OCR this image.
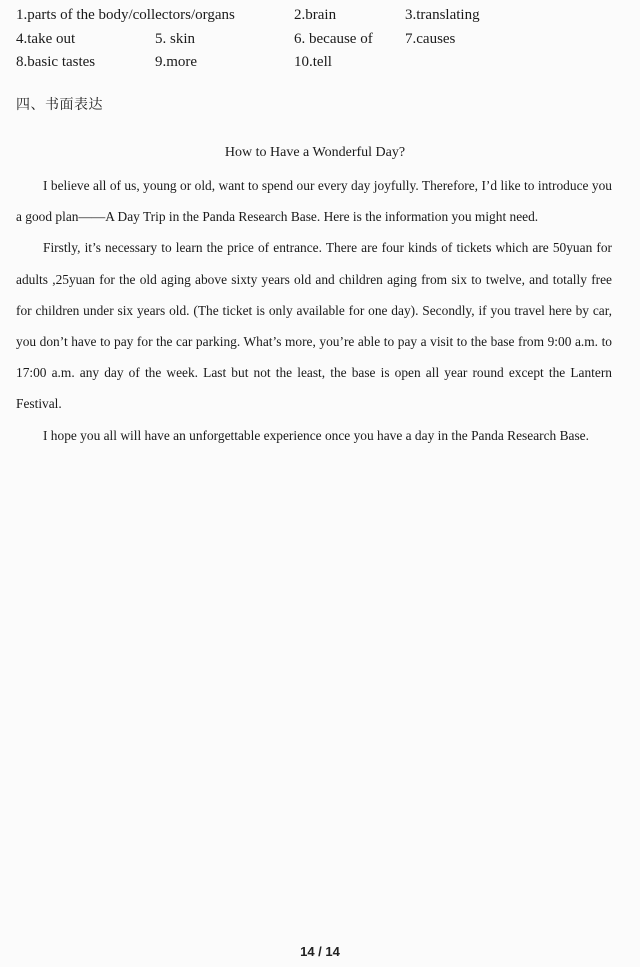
1.parts of the body/collectors/organs	2.brain	3.translating
4.take out	5. skin	6. because of 7.causes
8.basic tastes	9.more	10.tell
四、书面表达
How to Have a Wonderful Day?

I believe all of us, young or old, want to spend our every day joyfully. Therefore, I’d like to introduce you a good plan——A Day Trip in the Panda Research Base. Here is the information you might need.

Firstly, it’s necessary to learn the price of entrance. There are four kinds of tickets which are 50yuan for adults ,25yuan for the old aging above sixty years old and children aging from six to twelve, and totally free for children under six years old. (The ticket is only available for one day). Secondly, if you travel here by car, you don’t have to pay for the car parking. What’s more, you’re able to pay a visit to the base from 9:00 a.m. to 17:00 a.m. any day of the week. Last but not the least, the base is open all year round except the Lantern Festival.

I hope you all will have an unforgettable experience once you have a day in the Panda Research Base.

14 / 14
